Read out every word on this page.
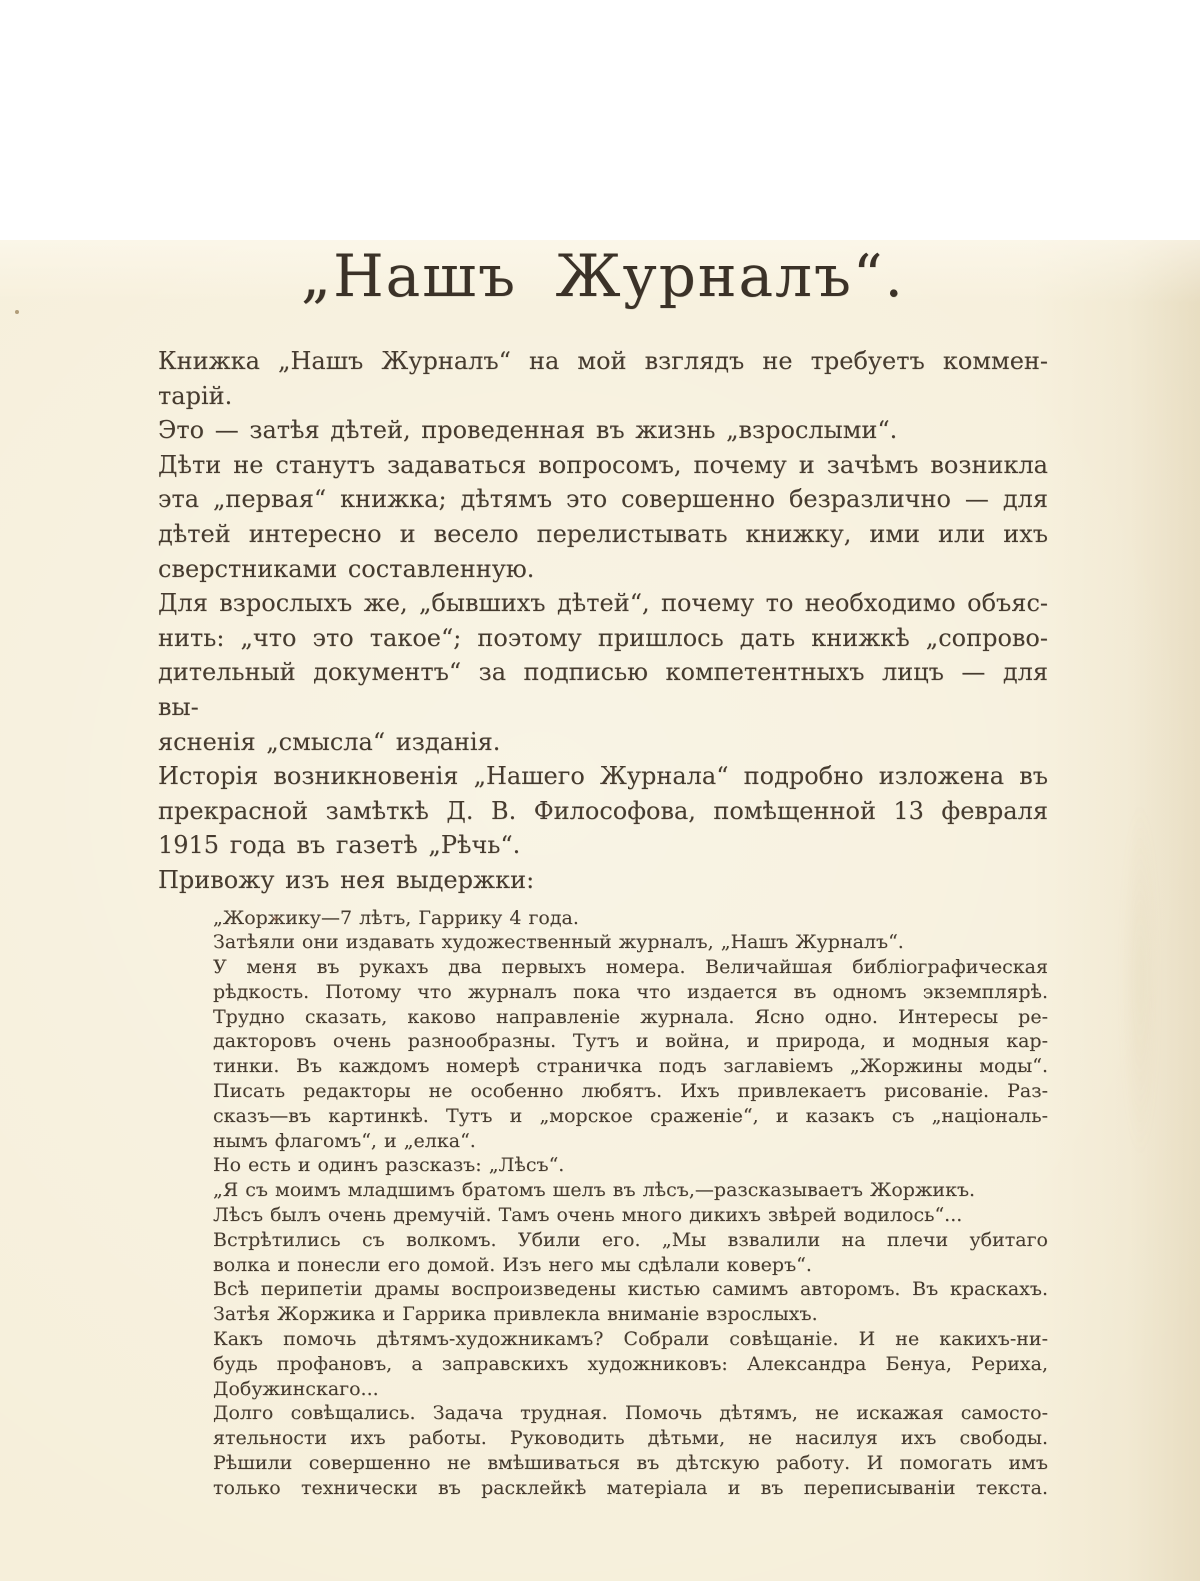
„Нашъ Журналъ“.
Книжка „Нашъ Журналъ“ на мой взглядъ не требуетъ коммен-
тарій.
Это — затѣя дѣтей, проведенная въ жизнь „взрослыми“.
Дѣти не станутъ задаваться вопросомъ, почему и зачѣмъ возникла
эта „первая“ книжка; дѣтямъ это совершенно безразлично — для
дѣтей интересно и весело перелистывать книжку, ими или ихъ
сверстниками составленную.
Для взрослыхъ же, „бывшихъ дѣтей“, почему то необходимо объяс-
нить: „что это такое“; поэтому пришлось дать книжкѣ „сопрово-
дительный документъ“ за подписью компетентныхъ лицъ — для вы-
ясненія „смысла“ изданія.
Исторія возникновенія „Нашего Журнала“ подробно изложена въ
прекрасной замѣткѣ Д. В. Философова, помѣщенной 13 февраля
1915 года въ газетѣ „Рѣчь“.
Привожу изъ нея выдержки:
„Жоржику—7 лѣтъ, Гаррику 4 года.
Затѣяли они издавать художественный журналъ, „Нашъ Журналъ“.
У меня въ рукахъ два первыхъ номера. Величайшая библіографическая
рѣдкость. Потому что журналъ пока что издается въ одномъ экземплярѣ.
Трудно сказать, каково направленіе журнала. Ясно одно. Интересы ре-
дакторовъ очень разнообразны. Тутъ и война, и природа, и модныя кар-
тинки. Въ каждомъ номерѣ страничка подъ заглавіемъ „Жоржины моды“.
Писать редакторы не особенно любятъ. Ихъ привлекаетъ рисованіе. Раз-
сказъ—въ картинкѣ. Тутъ и „морское сраженіе“, и казакъ съ „національ-
нымъ флагомъ“, и „елка“.
Но есть и одинъ разсказъ: „Лѣсъ“.
„Я съ моимъ младшимъ братомъ шелъ въ лѣсъ,—разсказываетъ Жоржикъ.
Лѣсъ былъ очень дремучій. Тамъ очень много дикихъ звѣрей водилось“...
Встрѣтились съ волкомъ. Убили его. „Мы взвалили на плечи убитаго
волка и понесли его домой. Изъ него мы сдѣлали коверъ“.
Всѣ перипетіи драмы воспроизведены кистью самимъ авторомъ. Въ краскахъ.
Затѣя Жоржика и Гаррика привлекла вниманіе взрослыхъ.
Какъ помочь дѣтямъ-художникамъ? Собрали совѣщаніе. И не какихъ-ни-
будь профановъ, а заправскихъ художниковъ: Александра Бенуа, Рериха,
Добужинскаго...
Долго совѣщались. Задача трудная. Помочь дѣтямъ, не искажая самосто-
ятельности ихъ работы. Руководить дѣтьми, не насилуя ихъ свободы.
Рѣшили совершенно не вмѣшиваться въ дѣтскую работу. И помогать имъ
только технически въ расклейкѣ матеріала и въ переписываніи текста.
